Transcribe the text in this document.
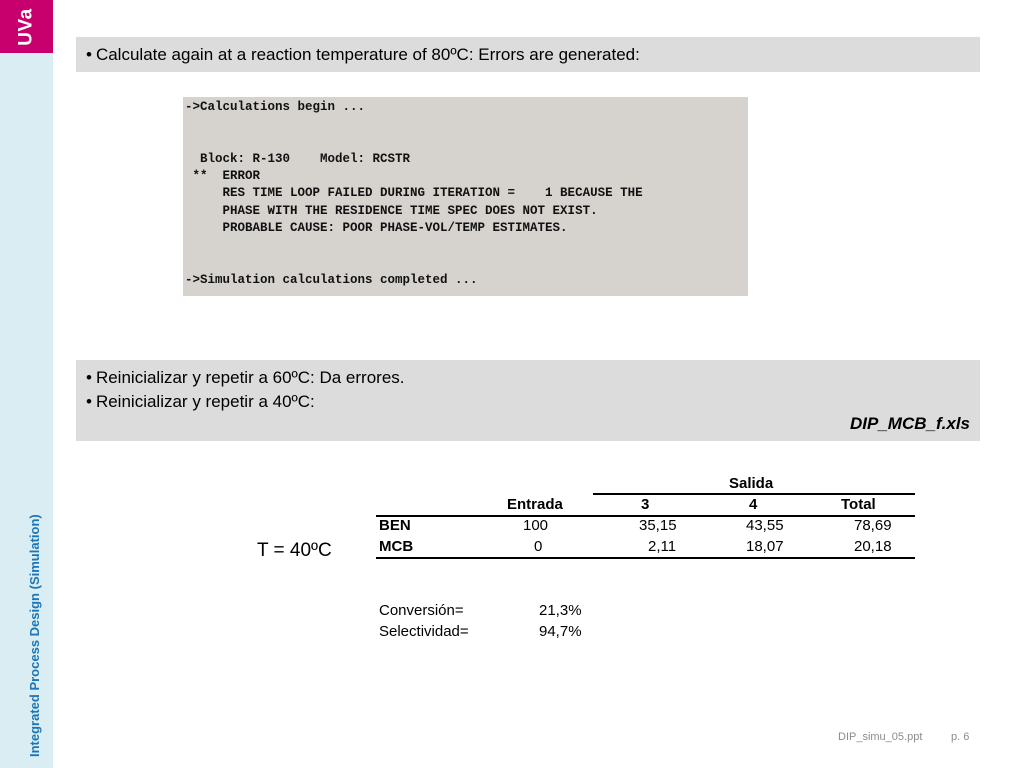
UVa
Integrated Process Design (Simulation)
• Calculate again at a reaction temperature of 80ºC: Errors are generated:
->Calculations begin ...
Block: R-130    Model: RCSTR
**  ERROR
RES TIME LOOP FAILED DURING ITERATION =    1 BECAUSE THE
PHASE WITH THE RESIDENCE TIME SPEC DOES NOT EXIST.
PROBABLE CAUSE: POOR PHASE-VOL/TEMP ESTIMATES.
->Simulation calculations completed ...
• Reinicializar y repetir a 60ºC: Da errores.
• Reinicializar y repetir a 40ºC:
DIP_MCB_f.xls
T = 40ºC
Salida
Entrada	3	4	Total
BEN	100	35,15	43,55	78,69
MCB	0	2,11	18,07	20,18
Conversión=	21,3%
Selectividad=	94,7%
DIP_simu_05.ppt	p. 6
